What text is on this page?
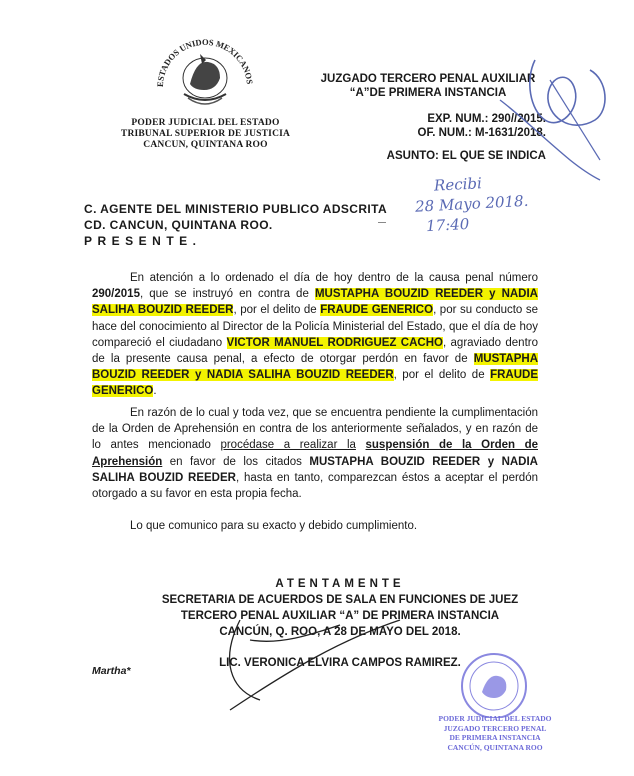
ESTADOS UNIDOS MEXICANOS
PODER JUDICIAL DEL ESTADO
TRIBUNAL SUPERIOR DE JUSTICIA
CANCUN, QUINTANA ROO
JUZGADO TERCERO PENAL AUXILIAR
“A”DE PRIMERA INSTANCIA
EXP. NUM.: 290//2015.
OF. NUM.: M-1631/2018.
ASUNTO: EL QUE SE INDICA
Recibi
28 Mayo 2018.
17:40
C. AGENTE DEL MINISTERIO PUBLICO ADSCRITA
CD. CANCUN, QUINTANA ROO.
PRESENTE.
En atención a lo ordenado el día de hoy dentro de la causa penal número 290/2015, que se instruyó en contra de MUSTAPHA BOUZID REEDER y NADIA SALIHA BOUZID REEDER, por el delito de FRAUDE GENERICO, por su conducto se hace del conocimiento al Director de la Policía Ministerial del Estado, que el día de hoy compareció el ciudadano VICTOR MANUEL RODRIGUEZ CACHO, agraviado dentro de la presente causa penal, a efecto de otorgar perdón en favor de MUSTAPHA BOUZID REEDER y NADIA SALIHA BOUZID REEDER, por el delito de FRAUDE GENERICO.
En razón de lo cual y toda vez, que se encuentra pendiente la cumplimentación de la Orden de Aprehensión en contra de los anteriormente señalados, y en razón de lo antes mencionado procédase a realizar la suspensión de la Orden de Aprehensión en favor de los citados MUSTAPHA BOUZID REEDER y NADIA SALIHA BOUZID REEDER, hasta en tanto, comparezcan éstos a aceptar el perdón otorgado a su favor en esta propia fecha.
Lo que comunico para su exacto y debido cumplimiento.
ATENTAMENTE
SECRETARIA DE ACUERDOS DE SALA EN FUNCIONES DE JUEZ
TERCERO PENAL AUXILIAR “A” DE PRIMERA INSTANCIA
CANCÚN, Q. ROO, A 28 DE MAYO DEL 2018.
LIC. VERONICA ELVIRA CAMPOS RAMIREZ.
Martha*
PODER JUDICIAL DEL ESTADO
JUZGADO TERCERO PENAL
DE PRIMERA INSTANCIA
CANCÚN, QUINTANA ROO
